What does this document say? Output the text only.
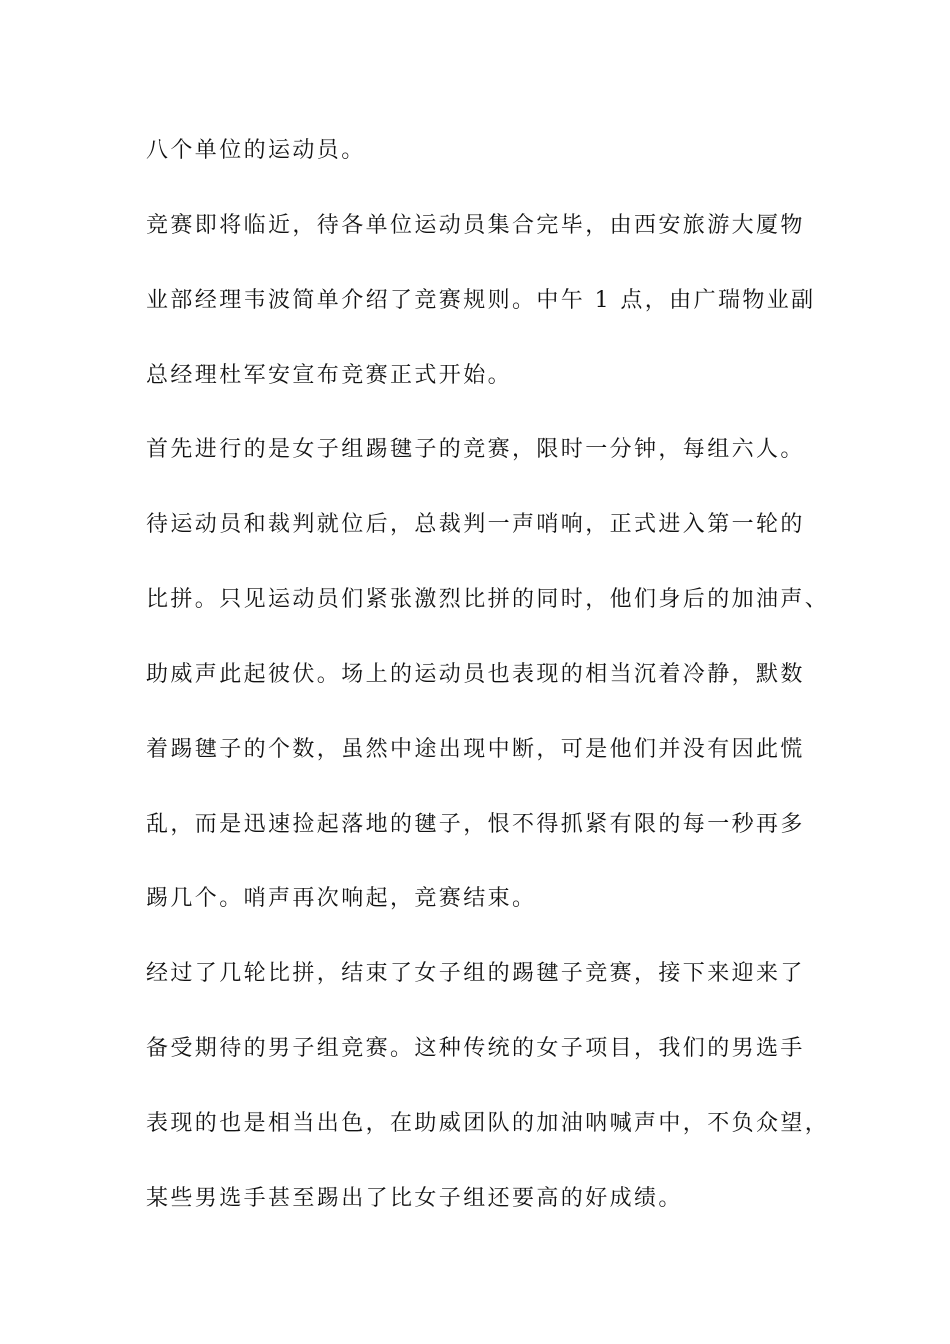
八个单位的运动员。
竞赛即将临近，待各单位运动员集合完毕，由西安旅游大厦物
业部经理韦波简单介绍了竞赛规则。中午 1 点，由广瑞物业副
总经理杜军安宣布竞赛正式开始。
首先进行的是女子组踢毽子的竞赛，限时一分钟，每组六人。
待运动员和裁判就位后，总裁判一声哨响，正式进入第一轮的
比拼。只见运动员们紧张激烈比拼的同时，他们身后的加油声、
助威声此起彼伏。场上的运动员也表现的相当沉着冷静，默数
着踢毽子的个数，虽然中途出现中断，可是他们并没有因此慌
乱，而是迅速捡起落地的毽子，恨不得抓紧有限的每一秒再多
踢几个。哨声再次响起，竞赛结束。
经过了几轮比拼，结束了女子组的踢毽子竞赛，接下来迎来了
备受期待的男子组竞赛。这种传统的女子项目，我们的男选手
表现的也是相当出色，在助威团队的加油呐喊声中，不负众望，
某些男选手甚至踢出了比女子组还要高的好成绩。
